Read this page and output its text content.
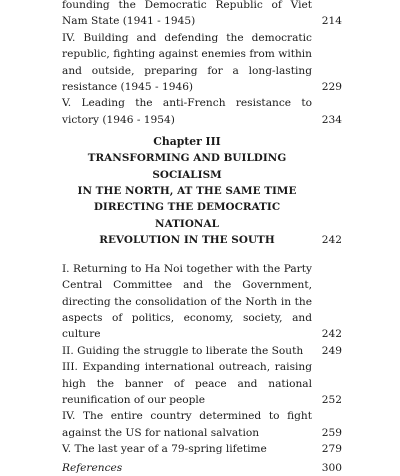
founding the Democratic Republic of Viet Nam State (1941 - 1945)	214
IV. Building and defending the democratic republic, fighting against enemies from within and outside, preparing for a long-lasting resistance (1945 - 1946)	229
V. Leading the anti-French resistance to victory (1946 - 1954)	234
Chapter III
TRANSFORMING AND BUILDING SOCIALISM
IN THE NORTH, AT THE SAME TIME
DIRECTING THE DEMOCRATIC NATIONAL
REVOLUTION IN THE SOUTH	242
I. Returning to Ha Noi together with the Party Central Committee and the Government, directing the consolidation of the North in the aspects of politics, economy, society, and culture	242
II. Guiding the struggle to liberate the South	249
III. Expanding international outreach, raising high the banner of peace and national reunification of our people	252
IV. The entire country determined to fight against the US for national salvation	259
V. The last year of a 79-spring lifetime	279
References	300
